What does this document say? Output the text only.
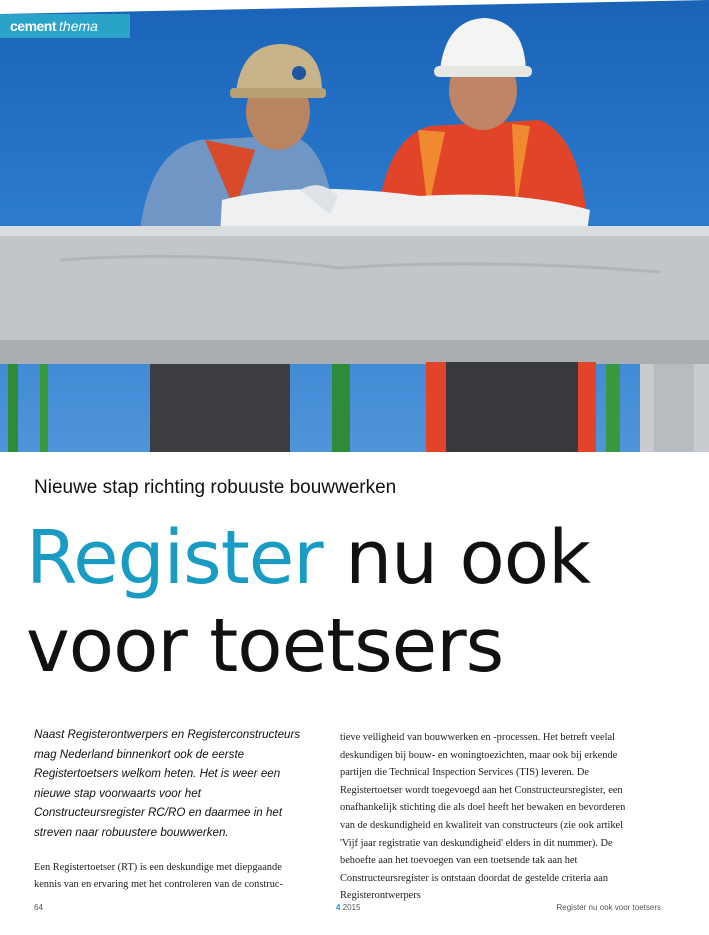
cement thema
Nieuwe stap richting robuuste bouwwerken
Register nu ook
voor toetsers

Naast Registerontwerpers en Registerconstructeurs mag Nederland binnenkort ook de eerste Registertoetsers welkom heten. Het is weer een nieuwe stap voorwaarts voor het Constructeursregister RC/RO en daarmee in het streven naar robuustere bouwwerken.

Een Registertoetser (RT) is een deskundige met diepgaande kennis van en ervaring met het controleren van de construc-

tieve veiligheid van bouwwerken en -processen. Het betreft veelal deskundigen bij bouw- en woningtoezichten, maar ook bij erkende partijen die Technical Inspection Services (TIS) leveren. De Registertoetser wordt toegevoegd aan het Constructeursregister, een onafhankelijk stichting die als doel heeft het bewaken en bevorderen van de deskundigheid en kwaliteit van constructeurs (zie ook artikel 'Vijf jaar registratie van deskundigheid' elders in dit nummer). De behoefte aan het toevoegen van een toetsende tak aan het Constructeursregister is ontstaan doordat de gestelde criteria aan Registerontwerpers

64	4 2015	Register nu ook voor toetsers
